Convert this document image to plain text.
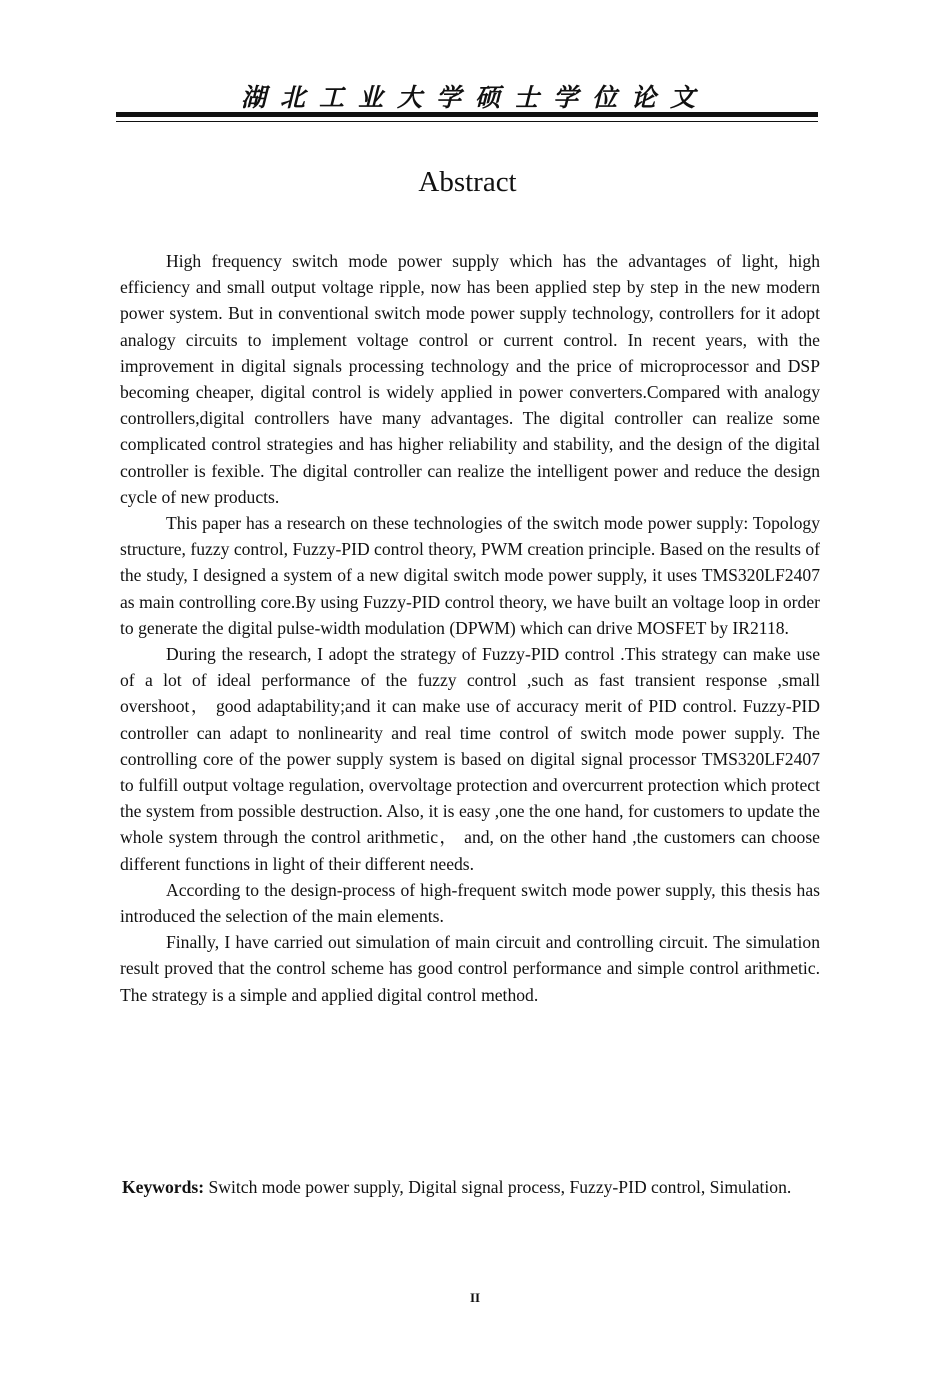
湖北工业大学硕士学位论文
Abstract

High frequency switch mode power supply which has the advantages of light, high efficiency and small output voltage ripple, now has been applied step by step in the new modern power system. But in conventional switch mode power supply technology, controllers for it adopt analogy circuits to implement voltage control or current control. In recent years, with the improvement in digital signals processing technology and the price of microprocessor and DSP becoming cheaper, digital control is widely applied in power converters.Compared with analogy controllers,digital controllers have many advantages. The digital controller can realize some complicated control strategies and has higher reliability and stability, and the design of the digital controller is fexible. The digital controller can realize the intelligent power and reduce the design cycle of new products.

This paper has a research on these technologies of the switch mode power supply: Topology structure, fuzzy control, Fuzzy-PID control theory, PWM creation principle. Based on the results of the study, I designed a system of a new digital switch mode power supply, it uses TMS320LF2407 as main controlling core.By using Fuzzy-PID control theory, we have built an voltage loop in order to generate the digital pulse-width modulation (DPWM) which can drive MOSFET by IR2118.

During the research, I adopt the strategy of Fuzzy-PID control .This strategy can make use of a lot of ideal performance of the fuzzy control ,such as fast transient response ,small overshoot， good adaptability;and it can make use of accuracy merit of PID control. Fuzzy-PID controller can adapt to nonlinearity and real time control of switch mode power supply. The controlling core of the power supply system is based on digital signal processor TMS320LF2407 to fulfill output voltage regulation, overvoltage protection and overcurrent protection which protect the system from possible destruction. Also, it is easy ,one the one hand, for customers to update the whole system through the control arithmetic， and, on the other hand ,the customers can choose different functions in light of their different needs.

According to the design-process of high-frequent switch mode power supply, this thesis has introduced the selection of the main elements.

Finally, I have carried out simulation of main circuit and controlling circuit. The simulation result proved that the control scheme has good control performance and simple control arithmetic. The strategy is a simple and applied digital control method.

Keywords: Switch mode power supply, Digital signal process, Fuzzy-PID control, Simulation.
II
